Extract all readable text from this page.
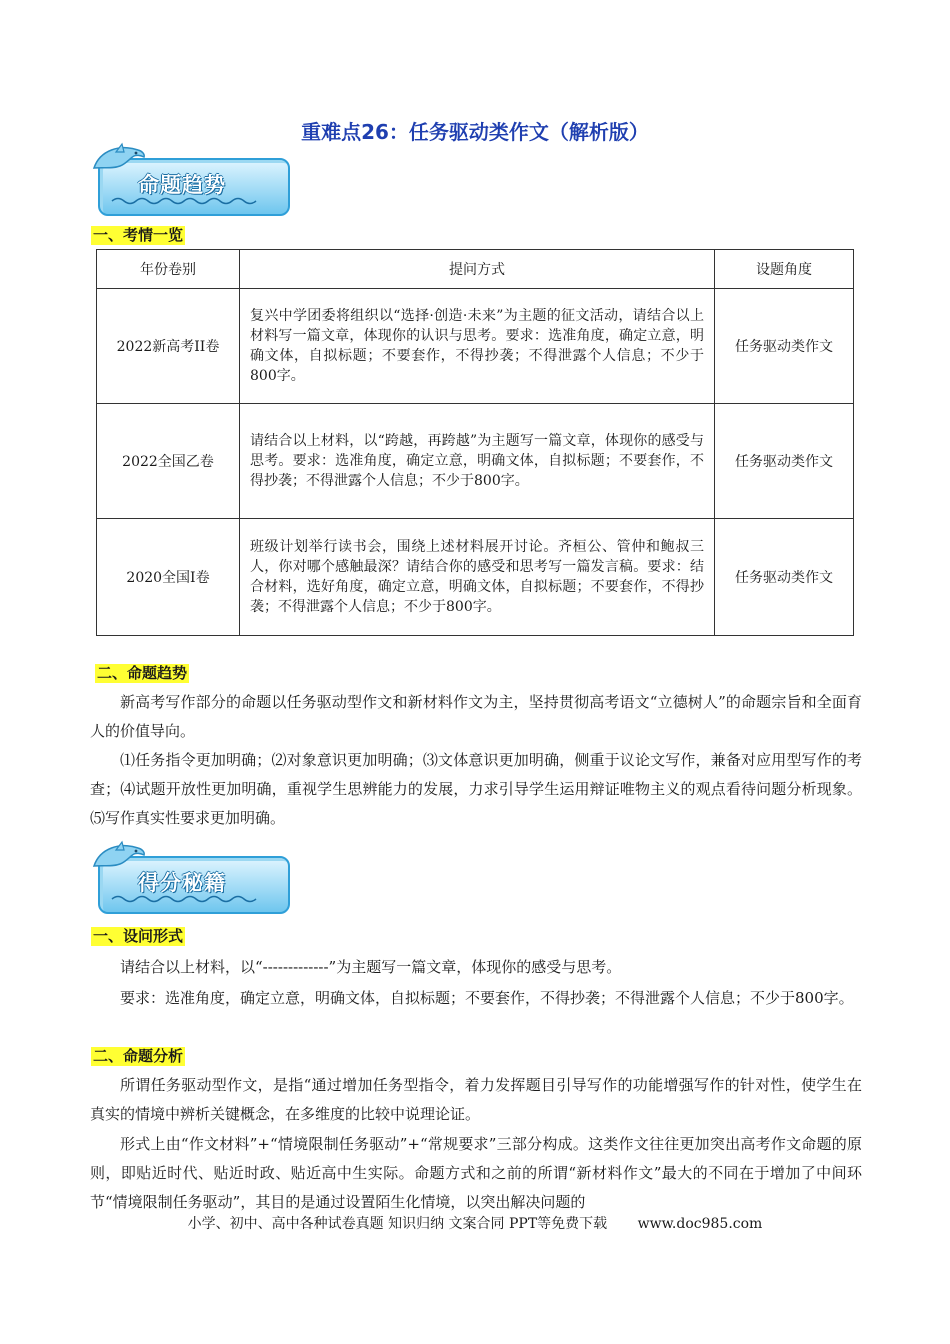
重难点26：任务驱动类作文（解析版）
命题趋势
一、考情一览
年份卷别	提问方式	设题角度
2022新高考II卷	复兴中学团委将组织以“选择·创造·未来”为主题的征文活动，请结合以上材料写一篇文章，体现你的认识与思考。要求：选准角度，确定立意，明确文体，自拟标题；不要套作，不得抄袭；不得泄露个人信息；不少于800字。	任务驱动类作文
2022全国乙卷	请结合以上材料，以“跨越，再跨越”为主题写一篇文章，体现你的感受与思考。要求：选准角度，确定立意，明确文体，自拟标题；不要套作，不得抄袭；不得泄露个人信息；不少于800字。	任务驱动类作文
2020全国I卷	班级计划举行读书会，围绕上述材料展开讨论。齐桓公、管仲和鲍叔三人，你对哪个感触最深？请结合你的感受和思考写一篇发言稿。要求：结合材料，选好角度，确定立意，明确文体，自拟标题；不要套作，不得抄袭；不得泄露个人信息；不少于800字。	任务驱动类作文
二、命题趋势
新高考写作部分的命题以任务驱动型作文和新材料作文为主，坚持贯彻高考语文“立德树人”的命题宗旨和全面育人的价值导向。
⑴任务指令更加明确；⑵对象意识更加明确；⑶文体意识更加明确，侧重于议论文写作，兼备对应用型写作的考查；⑷试题开放性更加明确，重视学生思辨能力的发展，力求引导学生运用辩证唯物主义的观点看待问题分析现象。⑸写作真实性要求更加明确。
得分秘籍
一、设问形式
请结合以上材料，以“-------------”为主题写一篇文章，体现你的感受与思考。
要求：选准角度，确定立意，明确文体，自拟标题；不要套作，不得抄袭；不得泄露个人信息；不少于800字。
二、命题分析
所谓任务驱动型作文，是指“通过增加任务型指令，着力发挥题目引导写作的功能增强写作的针对性，使学生在真实的情境中辨析关键概念，在多维度的比较中说理论证。
形式上由“作文材料”+“情境限制任务驱动”+“常规要求”三部分构成。这类作文往往更加突出高考作文命题的原则，即贴近时代、贴近时政、贴近高中生实际。命题方式和之前的所谓“新材料作文”最大的不同在于增加了中间环节“情境限制任务驱动”，其目的是通过设置陌生化情境，以突出解决问题的
小学、初中、高中各种试卷真题 知识归纳 文案合同 PPT等免费下载 www.doc985.com
